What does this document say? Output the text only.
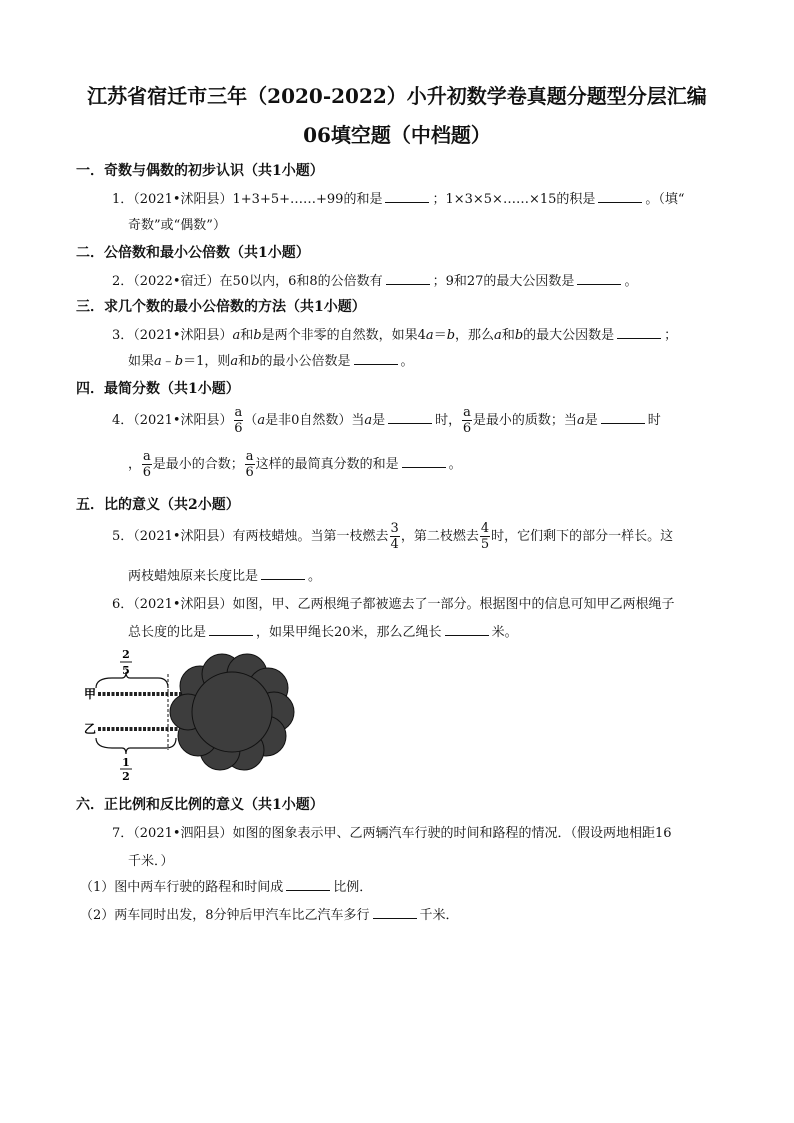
江苏省宿迁市三年（2020-2022）小升初数学卷真题分题型分层汇编
06填空题（中档题）
一．奇数与偶数的初步认识（共1小题）
1．（2021•沭阳县）1+3+5+……+99的和是	；1×3×5×……×15的积是	。（填“
奇数”或“偶数”）
二．公倍数和最小公倍数（共1小题）
2．（2022•宿迁）在50以内，6和8的公倍数有	；9和27的最大公因数是	。
三．求几个数的最小公倍数的方法（共1小题）
3．（2021•沭阳县）a和b是两个非零的自然数，如果4a＝b，那么a和b的最大公因数是	；
如果a﹣b＝1，则a和b的最小公倍数是	。
四．最简分数（共1小题）
4．（2021•沭阳县） $\frac{a}{6} (a$是非0自然数）当a是	时， $\frac{a}{6}$ 是最小的质数；当a是	时
， $\frac{a}{6}$ 是最小的合数； $\frac{a}{6}$ 这样的最简真分数的和是	。
五．比的意义（共2小题）
5．（2021•沭阳县）有两枝蜡烛。当第一枝燃去 $\frac{3}{4}$ ，第二枝燃去 $\frac{4}{5}$ 时，它们剩下的部分一样长。这
两枝蜡烛原来长度比是	。
6．（2021•沭阳县）如图，甲、乙两根绳子都被遮去了一部分。根据图中的信息可知甲乙两根绳子
总长度的比是	，如果甲绳长20米，那么乙绳长	米。
2
5
甲
乙
1
2
六．正比例和反比例的意义（共1小题）
7．（2021•泗阳县）如图的图象表示甲、乙两辆汽车行驶的时间和路程的情况．（假设两地相距16
千米．）
（1）图中两车行驶的路程和时间成	比例．
（2）两车同时出发，8分钟后甲汽车比乙汽车多行	千米．
